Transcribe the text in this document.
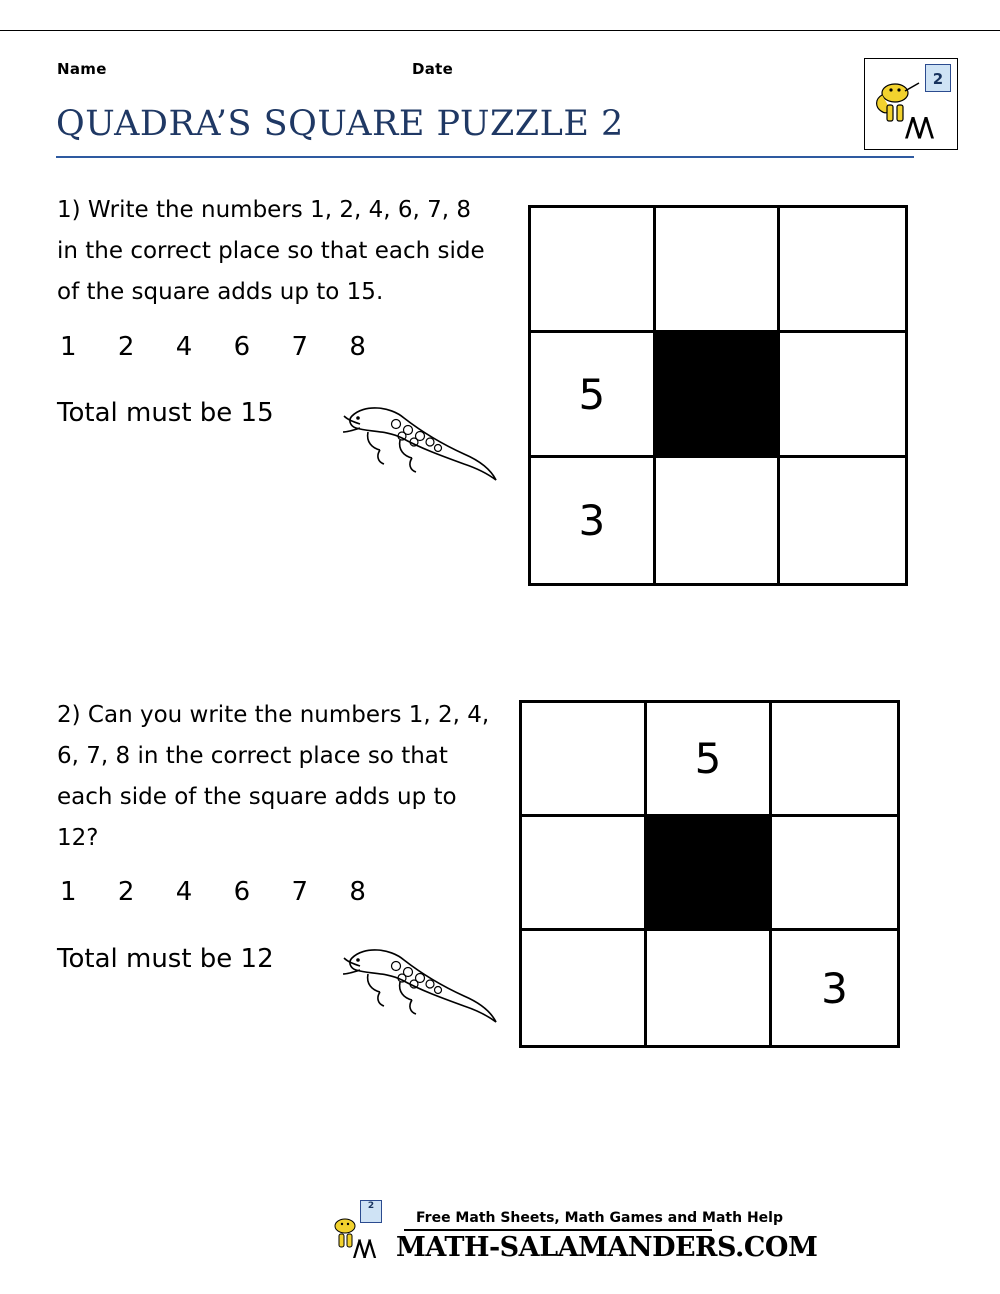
Name	Date
QUADRA’S SQUARE PUZZLE 2
2
/\/\
1) Write the numbers 1, 2, 4, 6, 7, 8 in the correct place so that each side of the square adds up to 15.
1     2     4     6     7     8
Total must be 15	5
3
2) Can you write the numbers 1, 2, 4, 6, 7, 8 in the correct place so that each side of the square adds up to 12?
1     2     4     6     7     8
Total must be 12
5
3
2
/\/\
Free Math Sheets, Math Games and Math Help
MATH-SALAMANDERS.COM
